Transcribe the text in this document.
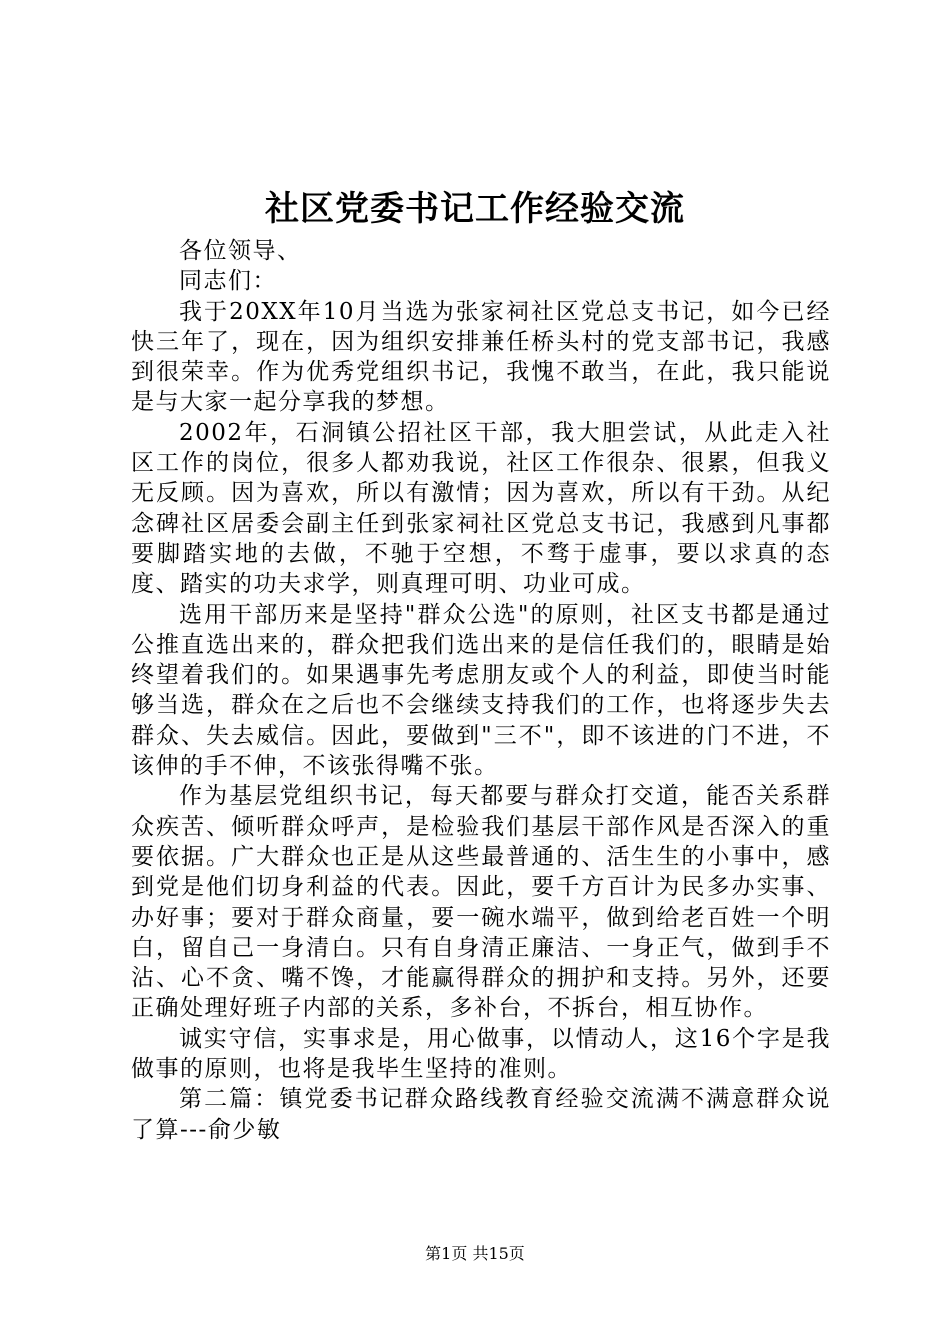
社区党委书记工作经验交流

各位领导、

同志们：

我于20XX年10月当选为张家祠社区党总支书记，如今已经快三年了，现在，因为组织安排兼任桥头村的党支部书记，我感到很荣幸。作为优秀党组织书记，我愧不敢当，在此，我只能说是与大家一起分享我的梦想。

2002年，石洞镇公招社区干部，我大胆尝试，从此走入社区工作的岗位，很多人都劝我说，社区工作很杂、很累，但我义无反顾。因为喜欢，所以有激情；因为喜欢，所以有干劲。从纪念碑社区居委会副主任到张家祠社区党总支书记，我感到凡事都要脚踏实地的去做，不驰于空想，不骛于虚事，要以求真的态度、踏实的功夫求学，则真理可明、功业可成。

选用干部历来是坚持"群众公选"的原则，社区支书都是通过公推直选出来的，群众把我们选出来的是信任我们的，眼睛是始终望着我们的。如果遇事先考虑朋友或个人的利益，即使当时能够当选，群众在之后也不会继续支持我们的工作，也将逐步失去群众、失去威信。因此，要做到"三不"，即不该进的门不进，不该伸的手不伸，不该张得嘴不张。

作为基层党组织书记，每天都要与群众打交道，能否关系群众疾苦、倾听群众呼声，是检验我们基层干部作风是否深入的重要依据。广大群众也正是从这些最普通的、活生生的小事中，感到党是他们切身利益的代表。因此，要千方百计为民多办实事、办好事；要对于群众商量，要一碗水端平，做到给老百姓一个明白，留自己一身清白。只有自身清正廉洁、一身正气，做到手不沾、心不贪、嘴不馋，才能赢得群众的拥护和支持。另外，还要正确处理好班子内部的关系，多补台，不拆台，相互协作。

诚实守信，实事求是，用心做事，以情动人，这16个字是我做事的原则，也将是我毕生坚持的准则。

第二篇：镇党委书记群众路线教育经验交流满不满意群众说了算---俞少敏

第1页 共15页
